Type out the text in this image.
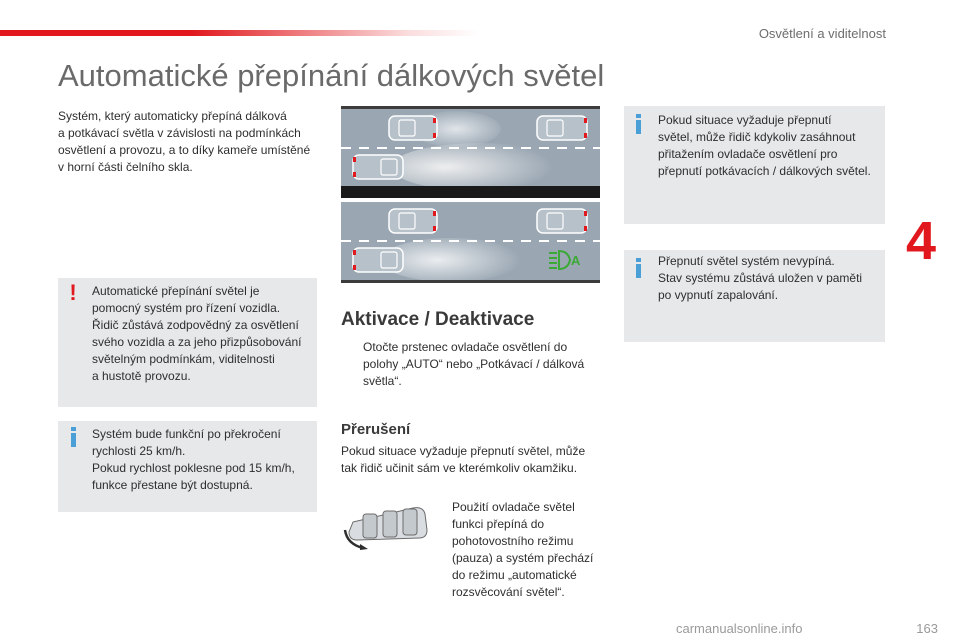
Osvětlení a viditelnost
4
Automatické přepínání dálkových světel
Systém, který automaticky přepíná dálková
a potkávací světla v závislosti na podmínkách
osvětlení a provozu, a to díky kameře umístěné
v horní části čelního skla.
! Automatické přepínání světel je
pomocný systém pro řízení vozidla.
Řidič zůstává zodpovědný za osvětlení
svého vozidla a za jeho přizpůsobování
světelným podmínkám, viditelnosti
a hustotě provozu.
Systém bude funkční po překročení
rychlosti 25 km/h.
Pokud rychlost poklesne pod 15 km/h,
funkce přestane být dostupná.
A
Aktivace / Deaktivace
Otočte prstenec ovladače osvětlení do
polohy „AUTO“ nebo „Potkávací / dálková
světla“.
Přerušení
Pokud situace vyžaduje přepnutí světel, může
tak řidič učinit sám ve kterémkoliv okamžiku.
Použití ovladače světel
funkci přepíná do
pohotovostního režimu
(pauza) a systém přechází
do režimu „automatické
rozsvěcování světel“.
Pokud situace vyžaduje přepnutí
světel, může řidič kdykoliv zasáhnout
přitažením ovladače osvětlení pro
přepnutí potkávacích / dálkových světel.
Přepnutí světel systém nevypíná.
Stav systému zůstává uložen v paměti
po vypnutí zapalování.
carmanualsonline.info	163
